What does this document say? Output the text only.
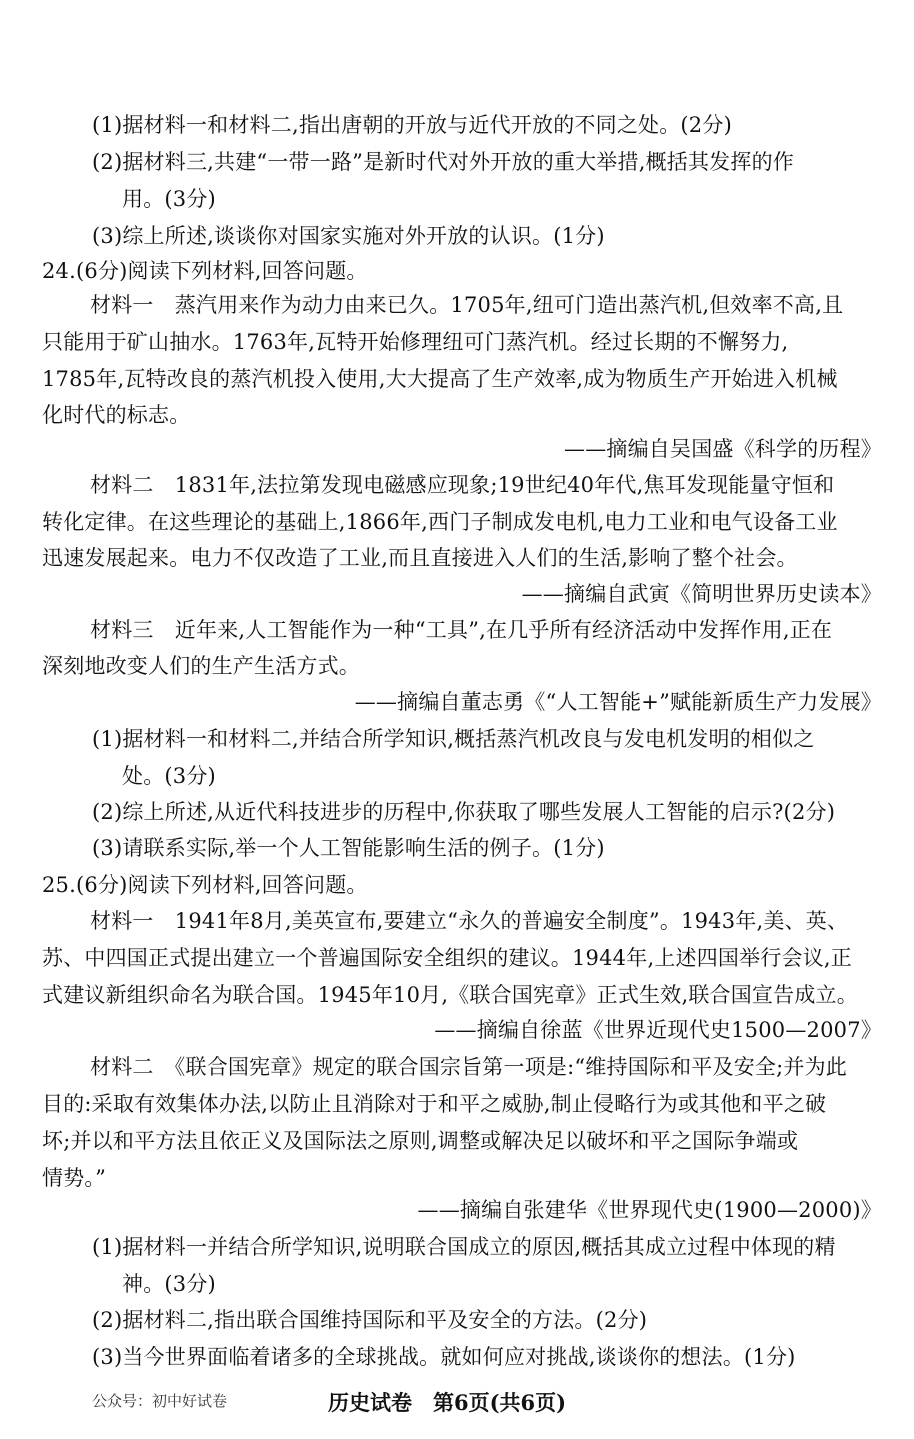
(1)据材料一和材料二,指出唐朝的开放与近代开放的不同之处。(2分)
(2)据材料三,共建“一带一路”是新时代对外开放的重大举措,概括其发挥的作
用。(3分)
(3)综上所述,谈谈你对国家实施对外开放的认识。(1分)
24.(6分)阅读下列材料,回答问题。
材料一　蒸汽用来作为动力由来已久。1705年,纽可门造出蒸汽机,但效率不高,且
只能用于矿山抽水。1763年,瓦特开始修理纽可门蒸汽机。经过长期的不懈努力,
1785年,瓦特改良的蒸汽机投入使用,大大提高了生产效率,成为物质生产开始进入机械
化时代的标志。
——摘编自吴国盛《科学的历程》
材料二　1831年,法拉第发现电磁感应现象;19世纪40年代,焦耳发现能量守恒和
转化定律。在这些理论的基础上,1866年,西门子制成发电机,电力工业和电气设备工业
迅速发展起来。电力不仅改造了工业,而且直接进入人们的生活,影响了整个社会。
——摘编自武寅《简明世界历史读本》
材料三　近年来,人工智能作为一种“工具”,在几乎所有经济活动中发挥作用,正在
深刻地改变人们的生产生活方式。
——摘编自董志勇《“人工智能+”赋能新质生产力发展》
(1)据材料一和材料二,并结合所学知识,概括蒸汽机改良与发电机发明的相似之
处。(3分)
(2)综上所述,从近代科技进步的历程中,你获取了哪些发展人工智能的启示?(2分)
(3)请联系实际,举一个人工智能影响生活的例子。(1分)
25.(6分)阅读下列材料,回答问题。
材料一　1941年8月,美英宣布,要建立“永久的普遍安全制度”。1943年,美、英、
苏、中四国正式提出建立一个普遍国际安全组织的建议。1944年,上述四国举行会议,正
式建议新组织命名为联合国。1945年10月,《联合国宪章》正式生效,联合国宣告成立。
——摘编自徐蓝《世界近现代史1500—2007》
材料二　《联合国宪章》规定的联合国宗旨第一项是:“维持国际和平及安全;并为此
目的:采取有效集体办法,以防止且消除对于和平之威胁,制止侵略行为或其他和平之破
坏;并以和平方法且依正义及国际法之原则,调整或解决足以破坏和平之国际争端或
情势。”
——摘编自张建华《世界现代史(1900—2000)》
(1)据材料一并结合所学知识,说明联合国成立的原因,概括其成立过程中体现的精
神。(3分)
(2)据材料二,指出联合国维持国际和平及安全的方法。(2分)
(3)当今世界面临着诸多的全球挑战。就如何应对挑战,谈谈你的想法。(1分)
公众号：初中好试卷	历史试卷　第6页(共6页)
